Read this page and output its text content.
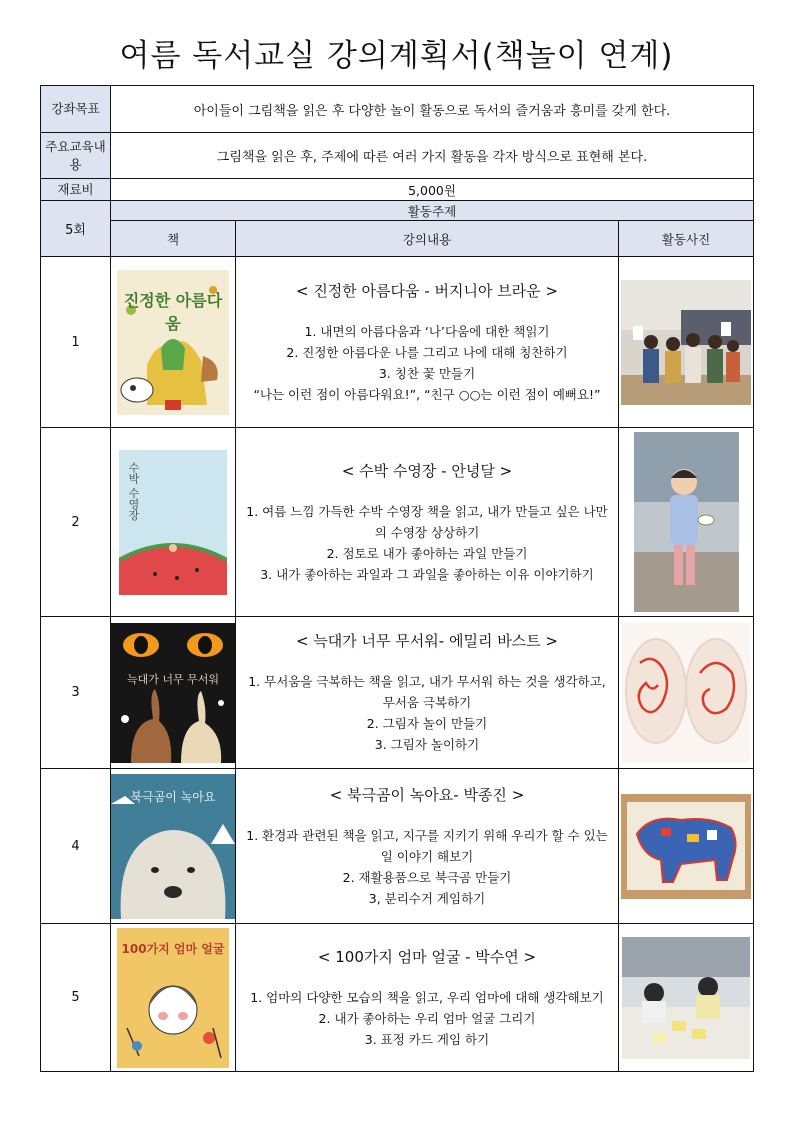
여름 독서교실 강의계획서(책놀이 연계)
강좌목표	아이들이 그림책을 읽은 후 다양한 놀이 활동으로 독서의 즐거움과 흥미를 갖게 한다.		
주요교육내용	그림책을 읽은 후, 주제에 따른 여러 가지 활동을 각자 방식으로 표현해 본다.		
재료비	5,000원		
5회	활동주제		
	책	강의내용	활동사진
1	진정한 아름다움	< 진정한 아름다움 - 버지니아 브라운 >
1. 내면의 아름다움과 ‘나’다움에 대한 책읽기
2. 진정한 아름다운 나를 그리고 나에 대해 칭찬하기
3. 칭찬 꽃 만들기
“나는 이런 점이 아름다워요!”, “친구 ○○는 이런 점이 예뻐요!”

2	수박 수영장	< 수박 수영장 - 안녕달 >
1. 여름 느낌 가득한 수박 수영장 책을 읽고, 내가 만들고 싶은 나만의 수영장 상상하기
2. 점토로 내가 좋아하는 과일 만들기
3. 내가 좋아하는 과일과 그 과일을 좋아하는 이유 이야기하기

3	늑대가 너무 무서워	< 늑대가 너무 무서워- 에밀리 바스트 >
1. 무서움을 극복하는 책을 읽고, 내가 무서워 하는 것을 생각하고, 무서움 극복하기
2. 그림자 놀이 만들기
3. 그림자 놀이하기

4	북극곰이 녹아요	< 북극곰이 녹아요- 박종진 >
1. 환경과 관련된 책을 읽고, 지구를 지키기 위해 우리가 할 수 있는 일 이야기 해보기
2. 재활용품으로 북극곰 만들기
3, 분리수거 게임하기

5	100가지 엄마 얼굴	< 100가지 엄마 얼굴 - 박수연 >
1. 엄마의 다양한 모습의 책을 읽고, 우리 엄마에 대해 생각해보기
2. 내가 좋아하는 우리 엄마 얼굴 그리기
3. 표정 카드 게임 하기
